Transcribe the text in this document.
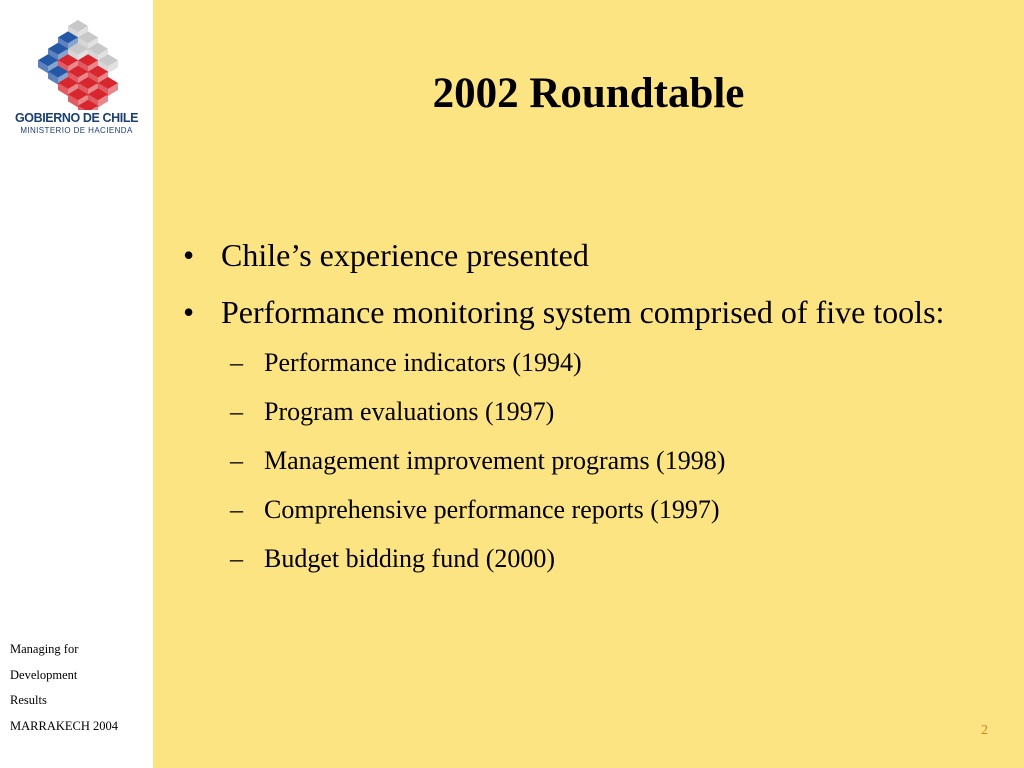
GOBIERNO DE CHILE
MINISTERIO DE HACIENDA
Managing for
Development
Results
MARRAKECH 2004
2002 Roundtable
• Chile’s experience presented
• Performance monitoring system comprised of five tools:
– Performance indicators (1994)
– Program evaluations (1997)
– Management improvement programs (1998)
– Comprehensive performance reports (1997)
– Budget bidding fund (2000)
2
